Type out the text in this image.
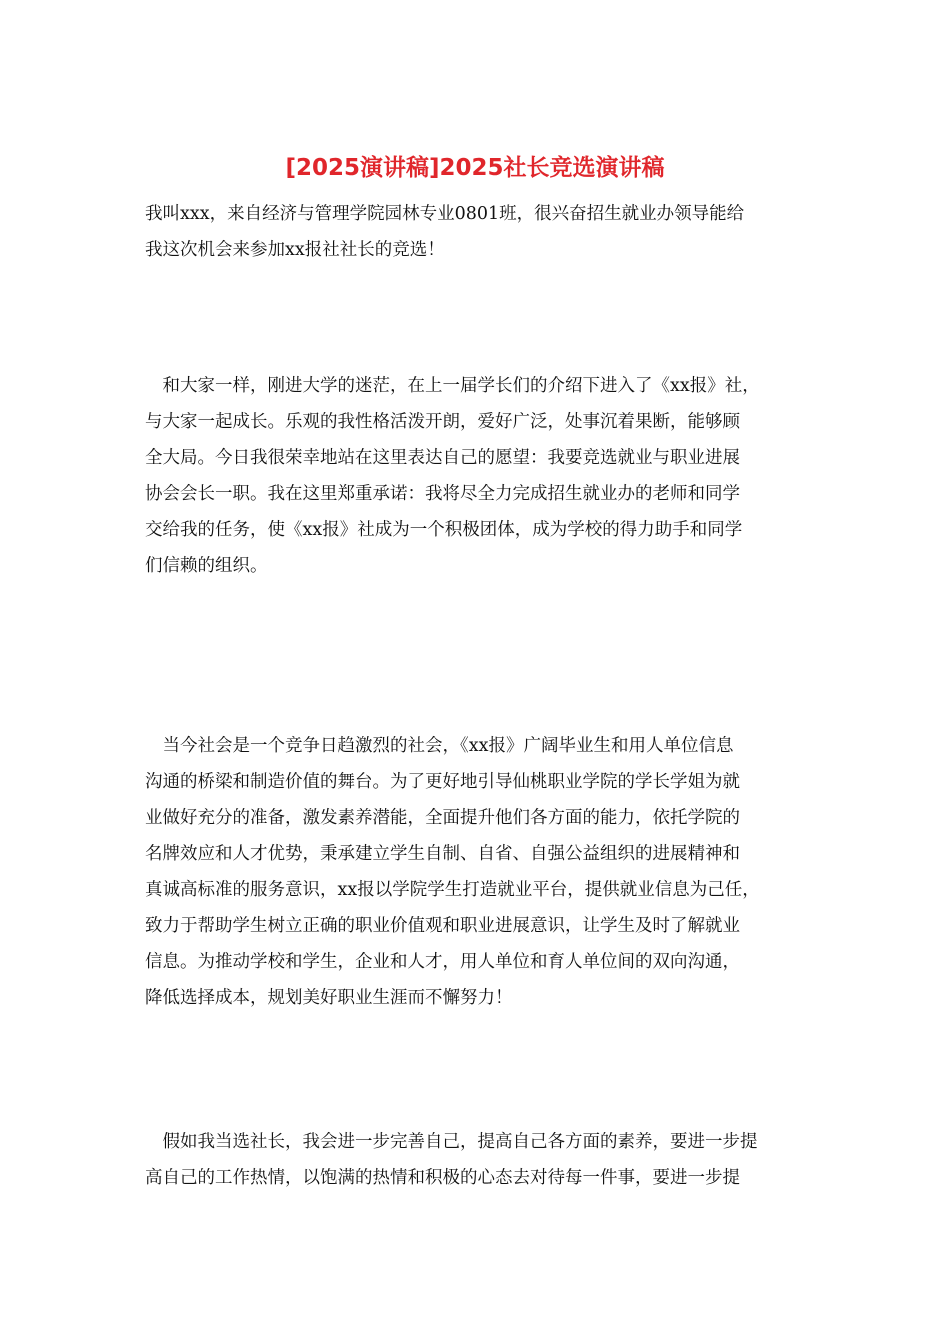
[2025演讲稿]2025社长竞选演讲稿

我叫xxx，来自经济与管理学院园林专业0801班，很兴奋招生就业办领导能给
我这次机会来参加xx报社社长的竞选！

　和大家一样，刚进大学的迷茫，在上一届学长们的介绍下进入了《xx报》社，
与大家一起成长。乐观的我性格活泼开朗，爱好广泛，处事沉着果断，能够顾
全大局。今日我很荣幸地站在这里表达自己的愿望：我要竞选就业与职业进展
协会会长一职。我在这里郑重承诺：我将尽全力完成招生就业办的老师和同学
交给我的任务，使《xx报》社成为一个积极团体，成为学校的得力助手和同学
们信赖的组织。

　当今社会是一个竞争日趋激烈的社会，《xx报》广阔毕业生和用人单位信息
沟通的桥梁和制造价值的舞台。为了更好地引导仙桃职业学院的学长学姐为就
业做好充分的准备，激发素养潜能，全面提升他们各方面的能力，依托学院的
名牌效应和人才优势，秉承建立学生自制、自省、自强公益组织的进展精神和
真诚高标准的服务意识，xx报以学院学生打造就业平台，提供就业信息为己任，
致力于帮助学生树立正确的职业价值观和职业进展意识，让学生及时了解就业
信息。为推动学校和学生，企业和人才，用人单位和育人单位间的双向沟通，
降低选择成本，规划美好职业生涯而不懈努力！

　假如我当选社长，我会进一步完善自己，提高自己各方面的素养，要进一步提
高自己的工作热情，以饱满的热情和积极的心态去对待每一件事，要进一步提
